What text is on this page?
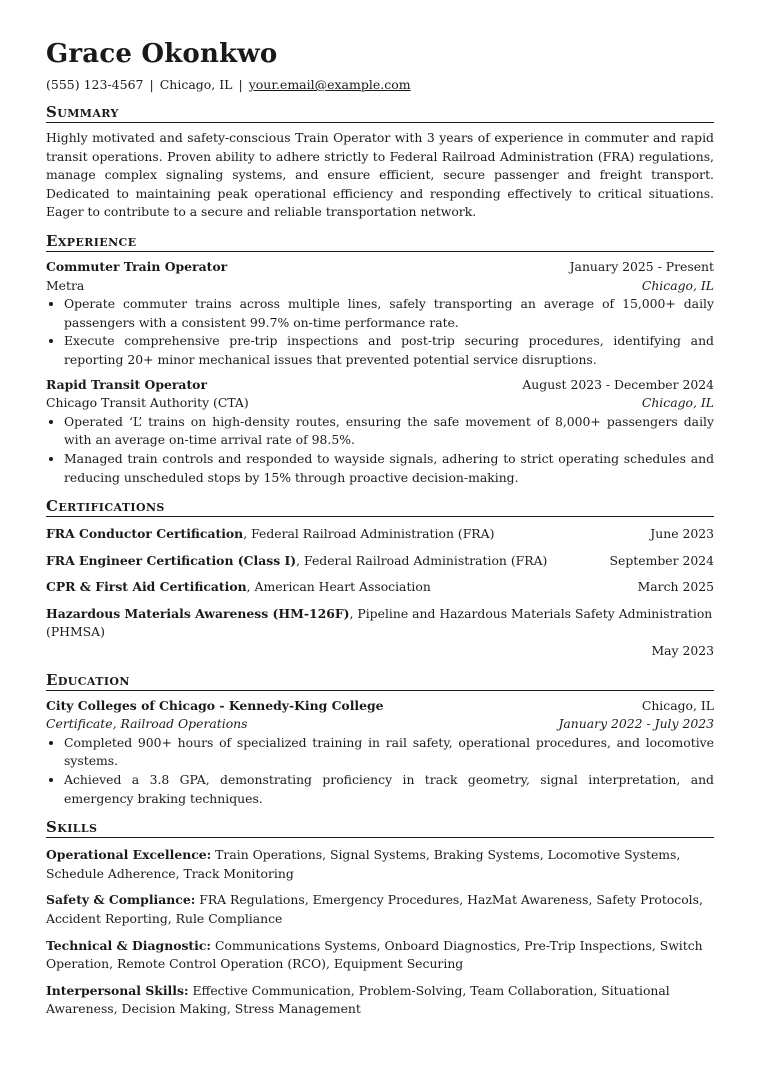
Grace Okonkwo
(555) 123-4567 | Chicago, IL | your.email@example.com
Summary
Highly motivated and safety-conscious Train Operator with 3 years of experience in commuter and rapid transit operations. Proven ability to adhere strictly to Federal Railroad Administration (FRA) regulations, manage complex signaling systems, and ensure efficient, secure passenger and freight transport. Dedicated to maintaining peak operational efficiency and responding effectively to critical situations. Eager to contribute to a secure and reliable transportation network.
Experience
Commuter Train Operator	January 2025 - Present
Metra	Chicago, IL
• Operate commuter trains across multiple lines, safely transporting an average of 15,000+ daily passengers with a consistent 99.7% on-time performance rate.
• Execute comprehensive pre-trip inspections and post-trip securing procedures, identifying and reporting 20+ minor mechanical issues that prevented potential service disruptions.
Rapid Transit Operator	August 2023 - December 2024
Chicago Transit Authority (CTA)	Chicago, IL
• Operated ‘L’ trains on high-density routes, ensuring the safe movement of 8,000+ passengers daily with an average on-time arrival rate of 98.5%.
• Managed train controls and responded to wayside signals, adhering to strict operating schedules and reducing unscheduled stops by 15% through proactive decision-making.
Certifications
FRA Conductor Certification, Federal Railroad Administration (FRA)	June 2023
FRA Engineer Certification (Class I), Federal Railroad Administration (FRA)	September 2024
CPR & First Aid Certification, American Heart Association	March 2025
Hazardous Materials Awareness (HM-126F), Pipeline and Hazardous Materials Safety Administration (PHMSA)
May 2023
Education
City Colleges of Chicago - Kennedy-King College	Chicago, IL
Certificate, Railroad Operations	January 2022 - July 2023
• Completed 900+ hours of specialized training in rail safety, operational procedures, and locomotive systems.
• Achieved a 3.8 GPA, demonstrating proficiency in track geometry, signal interpretation, and emergency braking techniques.
Skills
Operational Excellence: Train Operations, Signal Systems, Braking Systems, Locomotive Systems, Schedule Adherence, Track Monitoring
Safety & Compliance: FRA Regulations, Emergency Procedures, HazMat Awareness, Safety Protocols, Accident Reporting, Rule Compliance
Technical & Diagnostic: Communications Systems, Onboard Diagnostics, Pre-Trip Inspections, Switch Operation, Remote Control Operation (RCO), Equipment Securing
Interpersonal Skills: Effective Communication, Problem-Solving, Team Collaboration, Situational Awareness, Decision Making, Stress Management
